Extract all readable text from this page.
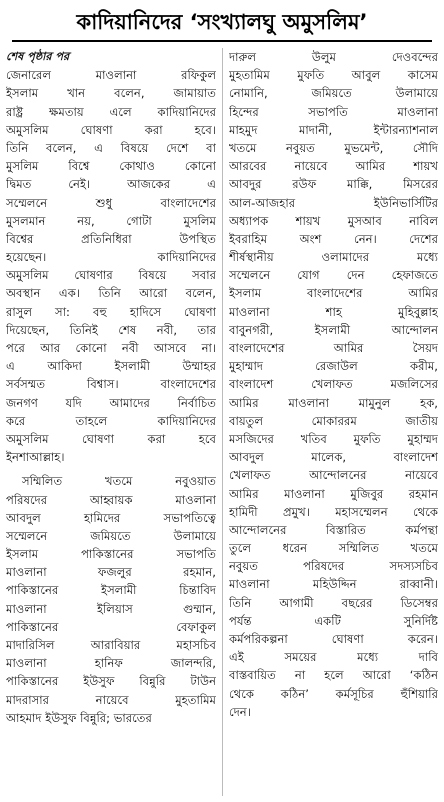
কাদিয়ানিদের ‘সংখ্যালঘু অমুসলিম’
শেষ পৃষ্ঠার পর
জেনারেল মাওলানা রফিকুল
ইসলাম খান বলেন, জামায়াত
রাষ্ট্র ক্ষমতায় এলে কাদিয়ানিদের
অমুসলিম ঘোষণা করা হবে।
তিনি বলেন, এ বিষয়ে দেশে বা
মুসলিম বিশ্বে কোথাও কোনো
দ্বিমত নেই। আজকের এ
সম্মেলনে শুধু বাংলাদেশের
মুসলমান নয়, গোটা মুসলিম
বিশ্বের প্রতিনিধিরা উপস্থিত
হয়েছেন। কাদিয়ানিদের
অমুসলিম ঘোষণার বিষয়ে সবার
অবস্থান এক। তিনি আরো বলেন,
রাসুল সা: বহু হাদিসে ঘোষণা
দিয়েছেন, তিনিই শেষ নবী, তার
পরে আর কোনো নবী আসবে না।
এ আকিদা ইসলামী উম্মাহর
সর্বসম্মত বিশ্বাস। বাংলাদেশের
জনগণ যদি আমাদের নির্বাচিত
করে তাহলে কাদিয়ানিদের
অমুসলিম ঘোষণা করা হবে
ইনশাআল্লাহ।
সম্মিলিত খতমে নবুওয়াত
পরিষদের আহ্বায়ক মাওলানা
আবদুল হামিদের সভাপতিত্বে
সম্মেলনে জমিয়তে উলামায়ে
ইসলাম পাকিস্তানের সভাপতি
মাওলানা ফজলুর রহমান,
পাকিস্তানের ইসলামী চিন্তাবিদ
মাওলানা ইলিয়াস গুম্মান,
পাকিস্তানের বেফাকুল
মাদারিসিল আরাবিয়ার মহাসচিব
মাওলানা হানিফ জালন্দরি,
পাকিস্তানের ইউসুফ বিন্নুরি টাউন
মাদরাসার নায়েবে মুহতামিম
আহমাদ ইউসুফ বিন্নুরি; ভারতের
দারুল উলুম দেওবন্দের
মুহতামিম মুফতি আবুল কাসেম
নোমানি, জমিয়তে উলামায়ে
হিন্দের সভাপতি মাওলানা
মাহমুদ মাদানী, ইন্টারন্যাশনাল
খতমে নবুয়ত মুভমেন্ট, সৌদি
আরবের নায়েবে আমির শায়খ
আবদুর রউফ মাক্কি, মিসরের
আল-আজহার ইউনিভার্সিটির
অধ্যাপক শায়খ মুসআব নাবিল
ইবরাহিম অংশ নেন। দেশের
শীর্ষস্থানীয় ওলামাদের মধ্যে
সম্মেলনে যোগ দেন হেফাজতে
ইসলাম বাংলাদেশের আমির
মাওলানা শাহ মুহিবুল্লাহ
বাবুনগরী, ইসলামী আন্দোলন
বাংলাদেশের আমির সৈয়দ
মুহাম্মাদ রেজাউল করীম,
বাংলাদেশ খেলাফত মজলিসের
আমির মাওলানা মামুনুল হক,
বায়তুল মোকাররম জাতীয়
মসজিদের খতিব মুফতি মুহাম্মদ
আবদুল মালেক, বাংলাদেশ
খেলাফত আন্দোলনের নায়েবে
আমির মাওলানা মুজিবুর রহমান
হামিদী প্রমুখ। মহাসম্মেলন থেকে
আন্দোলনের বিস্তারিত কর্মপন্থা
তুলে ধরেন সম্মিলিত খতমে
নবুয়ত পরিষদের সদস্যসচিব
মাওলানা মহিউদ্দিন রাব্বানী।
তিনি আগামী বছরের ডিসেম্বর
পর্যন্ত একটি সুনির্দিষ্ট
কর্মপরিকল্পনা ঘোষণা করেন।
এই সময়ের মধ্যে দাবি
বাস্তবায়িত না হলে আরো ‘কঠিন
থেকে কঠিন’ কর্মসূচির হুঁশিয়ারি
দেন।
